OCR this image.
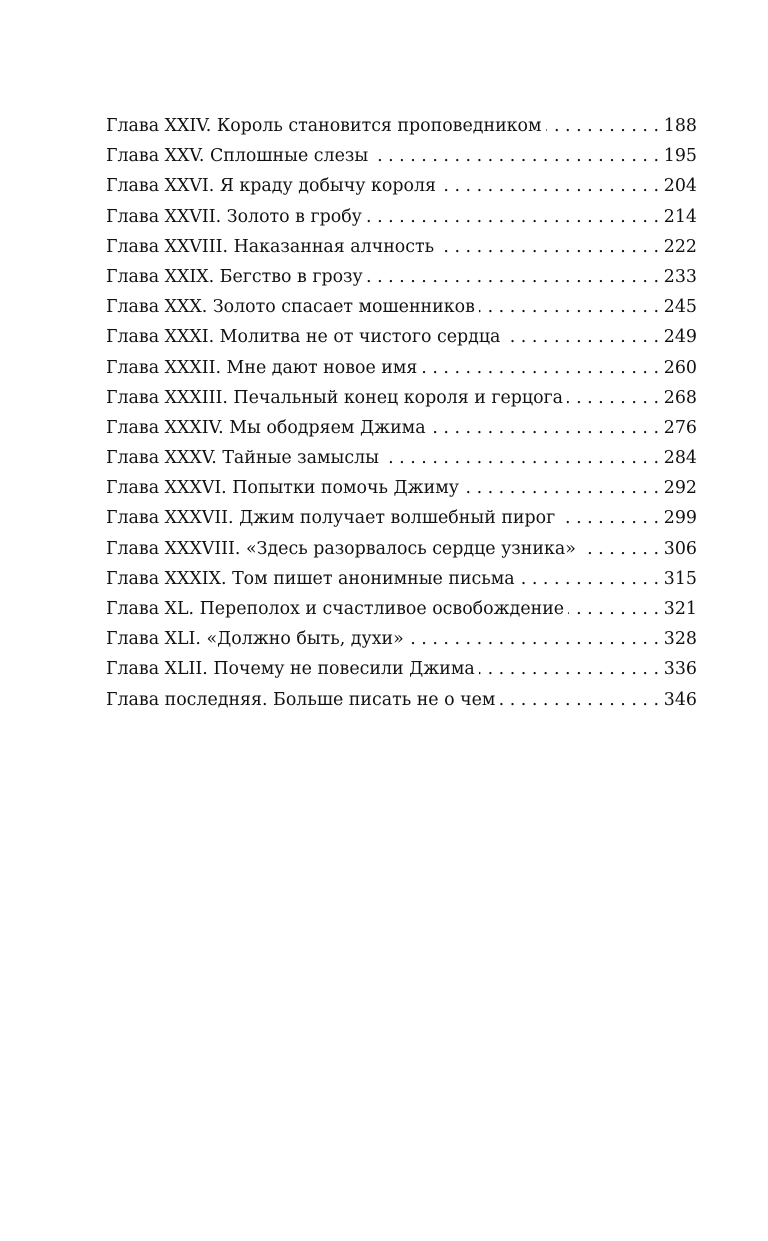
Глава XXIV. Король становится проповедником . . .	188
Глава XXV. Сплошные слезы . . .	195
Глава XXVI. Я краду добычу короля . . .	204
Глава XXVII. Золото в гробу . . .	214
Глава XXVIII. Наказанная алчность . . .	222
Глава XXIX. Бегство в грозу . . .	233
Глава XXX. Золото спасает мошенников . . .	245
Глава XXXI. Молитва не от чистого сердца . . .	249
Глава XXXII. Мне дают новое имя . . .	260
Глава XXXIII. Печальный конец короля и герцога . . .	268
Глава XXXIV. Мы ободряем Джима . . .	276
Глава XXXV. Тайные замыслы . . .	284
Глава XXXVI. Попытки помочь Джиму . . .	292
Глава XXXVII. Джим получает волшебный пирог . . .	299
Глава XXXVIII. «Здесь разорвалось сердце узника» . . .	306
Глава XXXIX. Том пишет анонимные письма . . .	315
Глава XL. Переполох и счастливое освобождение . . .	321
Глава XLI. «Должно быть, духи» . . .	328
Глава XLII. Почему не повесили Джима . . .	336
Глава последняя. Больше писать не о чем . . .	346
